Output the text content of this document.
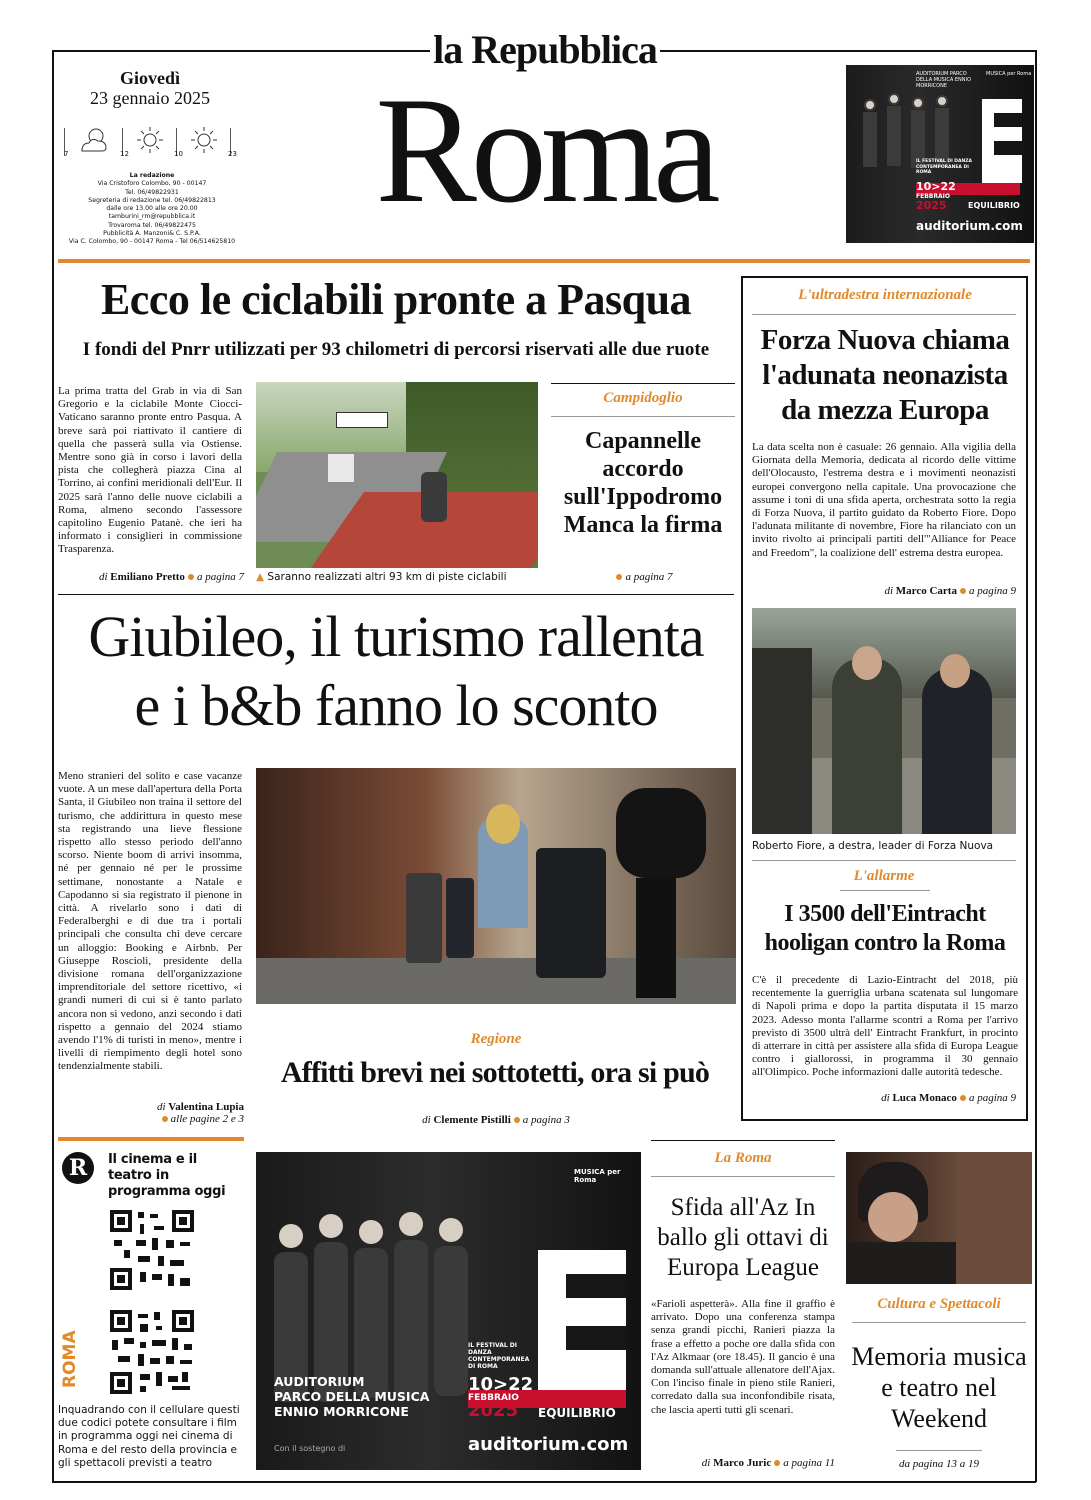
la Repubblica
Roma
Giovedì
23 gennaio 2025
7	12	10	23
La redazione
Via Cristoforo Colombo, 90 - 00147
Tel. 06/49822931
Segreteria di redazione tel. 06/49822813
dalle ore 13.00 alle ore 20.00
tamburini_rm@repubblica.it
Trovaroma tel. 06/49822475
Pubblicità A. Manzoni& C. S.P.A.
Via C. Colombo, 90 - 00147 Roma - Tel 06/514625810
AUDITORIUM PARCO DELLA MUSICA ENNIO MORRICONE
MUSICA per Roma
IL FESTIVAL DI DANZA CONTEMPORANEA DI ROMA
10>22
FEBBRAIO
2025	EQUILIBRIO
auditorium.com
Ecco le ciclabili pronte a Pasqua
I fondi del Pnrr utilizzati per 93 chilometri di percorsi riservati alle due ruote
La prima tratta del Grab in via di San Gregorio e la ciclabile Monte Ciocci-Vaticano saranno pronte entro Pasqua. A breve sarà poi riattivato il cantiere di quella che passerà sulla via Ostiense. Mentre sono già in corso i lavori della pista che collegherà piazza Cina al Torrino, ai confini meridionali dell'Eur. Il 2025 sarà l'anno delle nuove ciclabili a Roma, almeno secondo l'assessore capitolino Eugenio Patanè. che ieri ha informato i consiglieri in commissione Trasparenza.
di Emiliano Pretto a pagina 7 ▲ Saranno realizzati altri 93 km di piste ciclabili
Campidoglio
Capannelle accordo sull'Ippodromo Manca la firma
a pagina 7
L'ultradestra internazionale
Forza Nuova chiama l'adunata neonazista da mezza Europa
La data scelta non è casuale: 26 gennaio. Alla vigilia della Giornata della Memoria, dedicata al ricordo delle vittime dell'Olocausto, l'estrema destra e i movimenti neonazisti europei convergono nella capitale. Una provocazione che assume i toni di una sfida aperta, orchestrata sotto la regia di Forza Nuova, il partito guidato da Roberto Fiore. Dopo l'adunata militante di novembre, Fiore ha rilanciato con un invito rivolto ai principali partiti dell'"Alliance for Peace and Freedom", la coalizione dell' estrema destra europea.
di Marco Carta a pagina 9
Roberto Fiore, a destra, leader di Forza Nuova
L'allarme
I 3500 dell'Eintracht hooligan contro la Roma
C'è il precedente di Lazio-Eintracht del 2018, più recentemente la guerriglia urbana scatenata sul lungomare di Napoli prima e dopo la partita disputata il 15 marzo 2023. Adesso monta l'allarme scontri a Roma per l'arrivo previsto di 3500 ultrà dell' Eintracht Frankfurt, in procinto di atterrare in città per assistere alla sfida di Europa League contro i giallorossi, in programma il 30 gennaio all'Olimpico. Poche informazioni dalle autorità tedesche.
di Luca Monaco a pagina 9
Giubileo, il turismo rallenta
e i b&b fanno lo sconto
Meno stranieri del solito e case vacanze vuote. A un mese dall'apertura della Porta Santa, il Giubileo non traina il settore del turismo, che addirittura in questo mese sta registrando una lieve flessione rispetto allo stesso periodo dell'anno scorso. Niente boom di arrivi insomma, né per gennaio né per le prossime settimane, nonostante a Natale e Capodanno si sia registrato il pienone in città. A rivelarlo sono i dati di Federalberghi e di due tra i portali principali che consulta chi deve cercare un alloggio: Booking e Airbnb. Per Giuseppe Roscioli, presidente della divisione romana dell'organizzazione imprenditoriale del settore ricettivo, «i grandi numeri di cui si è tanto parlato ancora non si vedono, anzi secondo i dati rispetto a gennaio del 2024 stiamo avendo l'1% di turisti in meno», mentre i livelli di riempimento degli hotel sono tendenzialmente stabili.
di Valentina Lupia
alle pagine 2 e 3
Regione
Affitti brevi nei sottotetti, ora si può
di Clemente Pistilli a pagina 3
R	Il cinema e il teatro in programma oggi
ROMA
Inquadrando con il cellulare questi due codici potete consultare i film in programma oggi nei cinema di Roma e del resto della provincia e gli spettacoli previsti a teatro
MUSICA per Roma
IL FESTIVAL DI DANZA CONTEMPORANEA DI ROMA
10>22
FEBBRAIO
2025 EQUILIBRIO
auditorium.com
AUDITORIUM
PARCO DELLA MUSICA
ENNIO MORRICONE
Con il sostegno di
La Roma
Sfida all'Az In ballo gli ottavi di Europa League
«Farioli aspetterà». Alla fine il graffio è arrivato. Dopo una conferenza stampa senza grandi picchi, Ranieri piazza la frase a effetto a poche ore dalla sfida con l'Az Alkmaar (ore 18.45). Il gancio è una domanda sull'attuale allenatore dell'Ajax. Con l'inciso finale in pieno stile Ranieri, corredato dalla sua inconfondibile risata, che lascia aperti tutti gli scenari.
di Marco Juric a pagina 11
Cultura e Spettacoli
Memoria musica e teatro nel Weekend
da pagina 13 a 19
